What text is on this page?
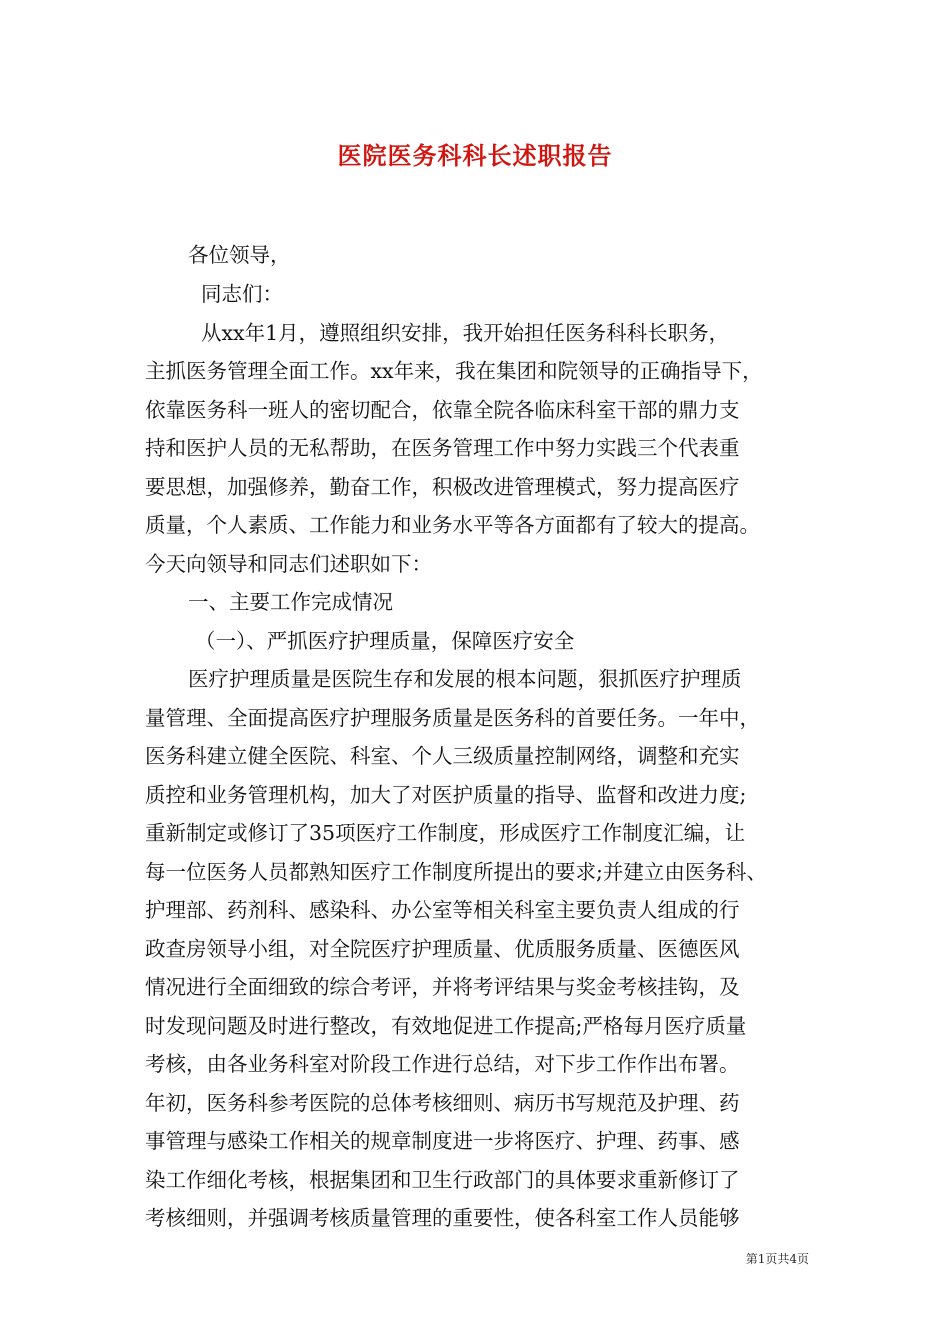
医院医务科科长述职报告

各位领导，

同志们：

从xx年1月，遵照组织安排，我开始担任医务科科长职务，

主抓医务管理全面工作。xx年来，我在集团和院领导的正确指导下，

依靠医务科一班人的密切配合，依靠全院各临床科室干部的鼎力支

持和医护人员的无私帮助，在医务管理工作中努力实践三个代表重

要思想，加强修养，勤奋工作，积极改进管理模式，努力提高医疗

质量，个人素质、工作能力和业务水平等各方面都有了较大的提高。

今天向领导和同志们述职如下：

一、主要工作完成情况

（一）、严抓医疗护理质量，保障医疗安全

医疗护理质量是医院生存和发展的根本问题，狠抓医疗护理质

量管理、全面提高医疗护理服务质量是医务科的首要任务。一年中，

医务科建立健全医院、科室、个人三级质量控制网络，调整和充实

质控和业务管理机构，加大了对医护质量的指导、监督和改进力度;

重新制定或修订了35项医疗工作制度，形成医疗工作制度汇编，让

每一位医务人员都熟知医疗工作制度所提出的要求;并建立由医务科、

护理部、药剂科、感染科、办公室等相关科室主要负责人组成的行

政查房领导小组，对全院医疗护理质量、优质服务质量、医德医风

情况进行全面细致的综合考评，并将考评结果与奖金考核挂钩，及

时发现问题及时进行整改，有效地促进工作提高;严格每月医疗质量

考核，由各业务科室对阶段工作进行总结，对下步工作作出布署。

年初，医务科参考医院的总体考核细则、病历书写规范及护理、药

事管理与感染工作相关的规章制度进一步将医疗、护理、药事、感

染工作细化考核，根据集团和卫生行政部门的具体要求重新修订了

考核细则，并强调考核质量管理的重要性，使各科室工作人员能够

第1页共4页
